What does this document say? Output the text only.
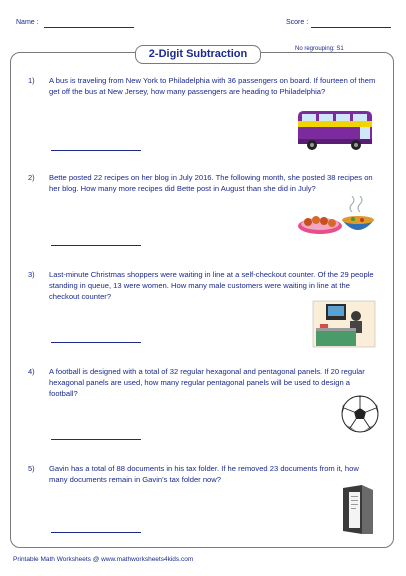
Name :	Score :
2-Digit Subtraction	No regrouping: S1
1) A bus is traveling from New York to Philadelphia with 36 passengers on board. If fourteen of them get off the bus at New Jersey, how many passengers are heading to Philadelphia?
2) Bette posted 22 recipes on her blog in July 2016. The following month, she posted 38 recipes on her blog. How many more recipes did Bette post in August than she did in July?
3) Last-minute Christmas shoppers were waiting in line at a self-checkout counter. Of the 29 people standing in queue, 13 were women. How many male customers were waiting in line at the checkout counter?
4) A football is designed with a total of 32 regular hexagonal and pentagonal panels. If 20 regular hexagonal panels are used, how many regular pentagonal panels will be used to design a football?
5) Gavin has a total of 88 documents in his tax folder. If he removed 23 documents from it, how many documents remain in Gavin's tax folder now?
Printable Math Worksheets @ www.mathworksheets4kids.com
